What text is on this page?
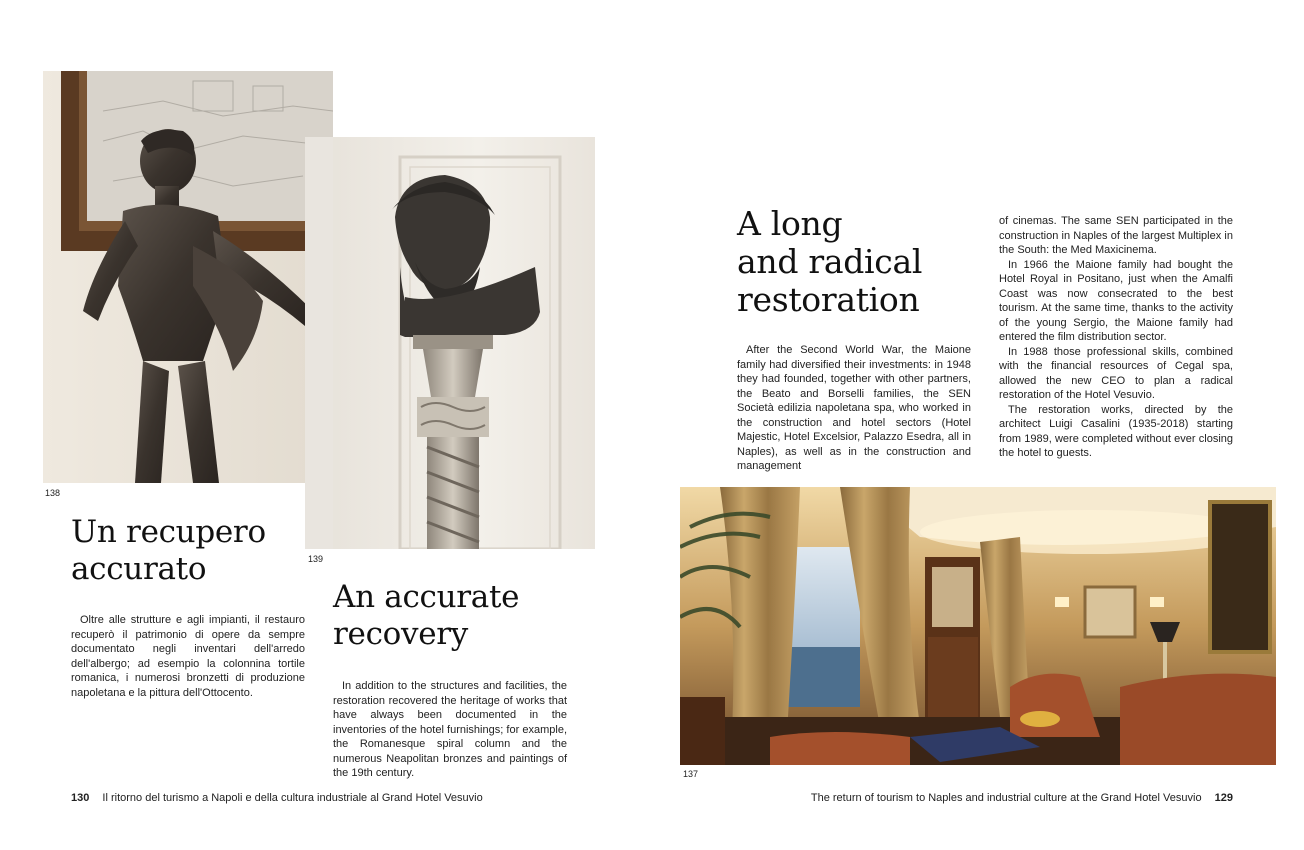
138
139
Un recupero
accurato

Oltre alle strutture e agli impianti, il restauro recuperò il patrimonio di opere da sempre documentato negli inventari dell'arredo dell'albergo; ad esempio la colonnina tortile romanica, i numerosi bronzetti di produzione napoletana e la pittura dell'Ottocento.

An accurate
recovery

In addition to the structures and facilities, the restoration recovered the heritage of works that have always been documented in the inventories of the hotel furnishings; for example, the Romanesque spiral column and the numerous Neapolitan bronzes and paintings of the 19th century.

130 Il ritorno del turismo a Napoli e della cultura industriale al Grand Hotel Vesuvio
A long
and radical
restoration

After the Second World War, the Maione family had diversified their investments: in 1948 they had founded, together with other partners, the Beato and Borselli families, the SEN Società edilizia napoletana spa, who worked in the construction and hotel sectors (Hotel Majestic, Hotel Excelsior, Palazzo Esedra, all in Naples), as well as in the construction and management

of cinemas. The same SEN participated in the construction in Naples of the largest Multiplex in the South: the Med Maxicinema.

In 1966 the Maione family had bought the Hotel Royal in Positano, just when the Amalfi Coast was now consecrated to the best tourism. At the same time, thanks to the activity of the young Sergio, the Maione family had entered the film distribution sector.

In 1988 those professional skills, combined with the financial resources of Cegal spa, allowed the new CEO to plan a radical restoration of the Hotel Vesuvio.

The restoration works, directed by the architect Luigi Casalini (1935-2018) starting from 1989, were completed without ever closing the hotel to guests.

137
The return of tourism to Naples and industrial culture at the Grand Hotel Vesuvio 129
